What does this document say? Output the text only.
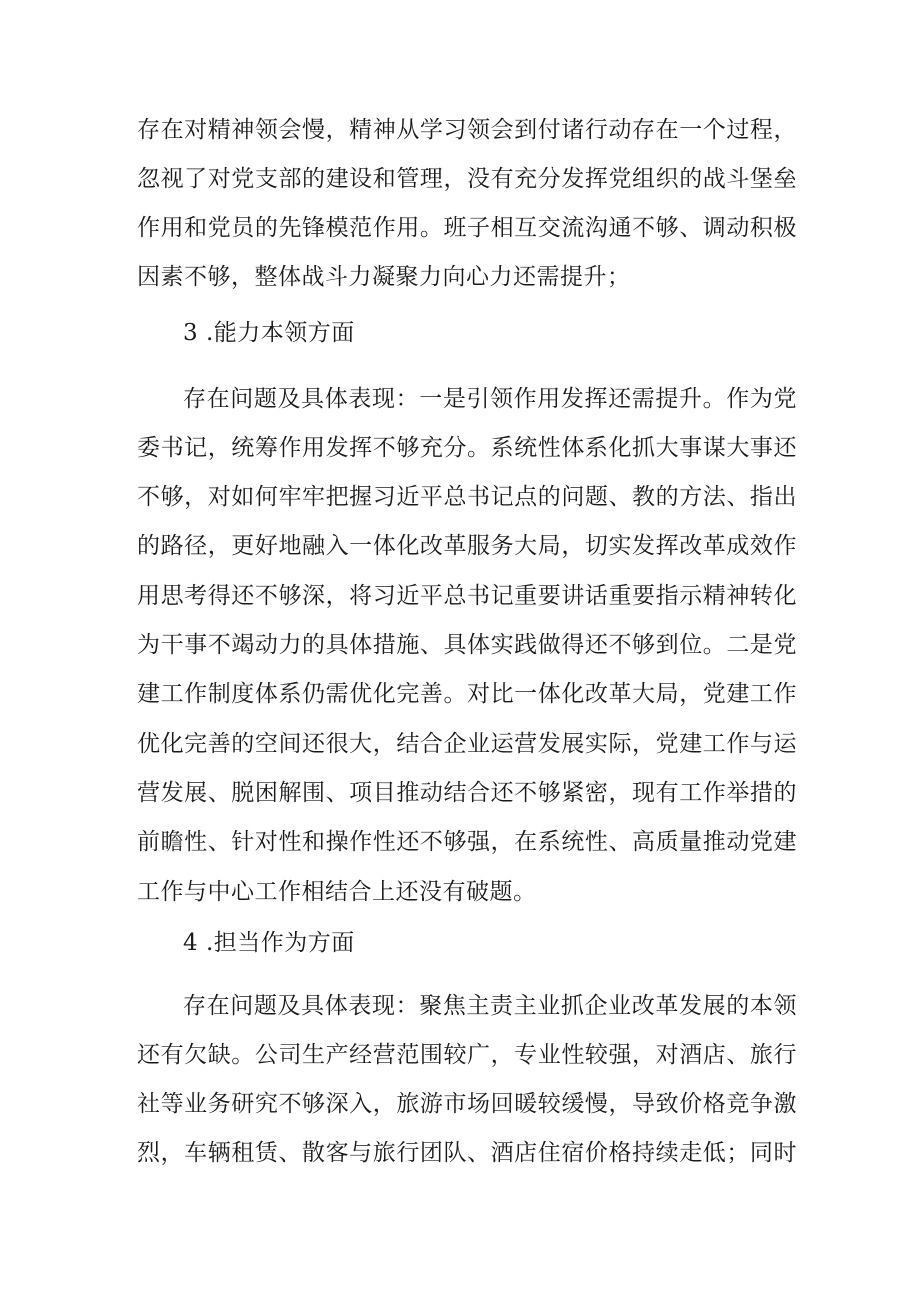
存在对精神领会慢，精神从学习领会到付诸行动存在一个过程，
忽视了对党支部的建设和管理，没有充分发挥党组织的战斗堡垒
作用和党员的先锋模范作用。班子相互交流沟通不够、调动积极
因素不够，整体战斗力凝聚力向心力还需提升；
3 .能力本领方面
存在问题及具体表现：一是引领作用发挥还需提升。作为党
委书记，统筹作用发挥不够充分。系统性体系化抓大事谋大事还
不够，对如何牢牢把握习近平总书记点的问题、教的方法、指出
的路径，更好地融入一体化改革服务大局，切实发挥改革成效作
用思考得还不够深，将习近平总书记重要讲话重要指示精神转化
为干事不竭动力的具体措施、具体实践做得还不够到位。二是党
建工作制度体系仍需优化完善。对比一体化改革大局，党建工作
优化完善的空间还很大，结合企业运营发展实际，党建工作与运
营发展、脱困解围、项目推动结合还不够紧密，现有工作举措的
前瞻性、针对性和操作性还不够强，在系统性、高质量推动党建
工作与中心工作相结合上还没有破题。
4 .担当作为方面
存在问题及具体表现：聚焦主责主业抓企业改革发展的本领
还有欠缺。公司生产经营范围较广，专业性较强，对酒店、旅行
社等业务研究不够深入，旅游市场回暖较缓慢，导致价格竞争激
烈，车辆租赁、散客与旅行团队、酒店住宿价格持续走低；同时
